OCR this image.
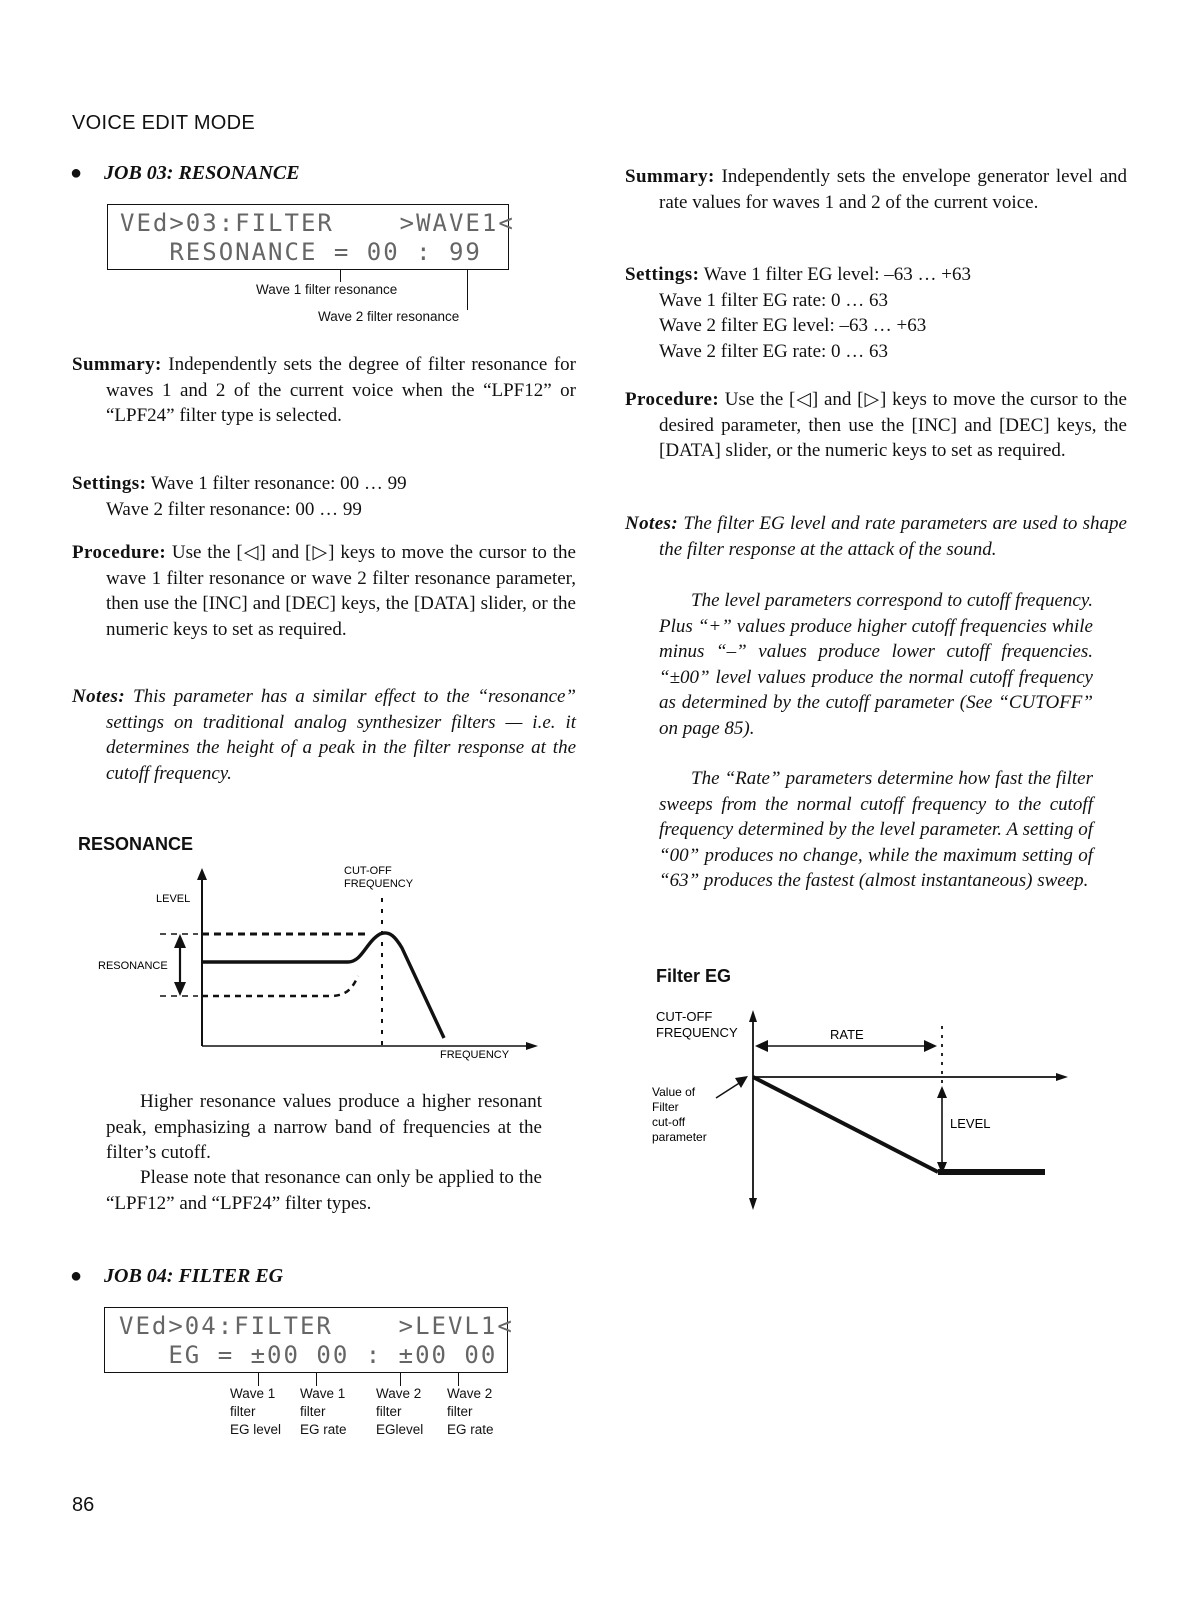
VOICE EDIT MODE
● JOB 03: RESONANCE
VEd>03:FILTER    >WAVE1<
RESONANCE = 00 : 99
Wave 1 filter resonance
Wave 2 filter resonance
Summary: Independently sets the degree of filter resonance for waves 1 and 2 of the current voice when the “LPF12” or “LPF24” filter type is selected.
Settings: Wave 1 filter resonance: 00 … 99
Wave 2 filter resonance: 00 … 99
Procedure: Use the [◁] and [▷] keys to move the cursor to the wave 1 filter resonance or wave 2 filter resonance parameter, then use the [INC] and [DEC] keys, the [DATA] slider, or the numeric keys to set as required.
Notes: This parameter has a similar effect to the “resonance” settings on traditional analog synthesizer filters — i.e. it determines the height of a peak in the filter response at the cutoff frequency.
RESONANCE
CUT-OFF
FREQUENCY
LEVEL
RESONANCE
FREQUENCY
Higher resonance values produce a higher resonant peak, emphasizing a narrow band of frequencies at the filter’s cutoff.
Please note that resonance can only be applied to the “LPF12” and “LPF24” filter types.
● JOB 04: FILTER EG
VEd>04:FILTER    >LEVL1<
EG = ±00 00 : ±00 00
Wave 1
filter
EG level
Wave 1
filter
EG rate
Wave 2
filter
EGlevel
Wave 2
filter
EG rate
86
Summary: Independently sets the envelope generator level and rate values for waves 1 and 2 of the current voice.
Settings: Wave 1 filter EG level: –63 … +63
Wave 1 filter EG rate: 0 … 63
Wave 2 filter EG level: –63 … +63
Wave 2 filter EG rate: 0 … 63
Procedure: Use the [◁] and [▷] keys to move the cursor to the desired parameter, then use the [INC] and [DEC] keys, the [DATA] slider, or the numeric keys to set as required.
Notes: The filter EG level and rate parameters are used to shape the filter response at the attack of the sound.
The level parameters correspond to cutoff frequency. Plus “+” values produce higher cutoff frequencies while minus “–” values produce lower cutoff frequencies. “±00” level values produce the normal cutoff frequency as determined by the cutoff parameter (See “CUTOFF” on page 85).
The “Rate” parameters determine how fast the filter sweeps from the normal cutoff frequency to the cutoff frequency determined by the level parameter. A setting of “00” produces no change, while the maximum setting of “63” produces the fastest (almost instantaneous) sweep.
Filter EG
CUT-OFF
FREQUENCY	RATE
Value of
Filter
cut-off
parameter
LEVEL
